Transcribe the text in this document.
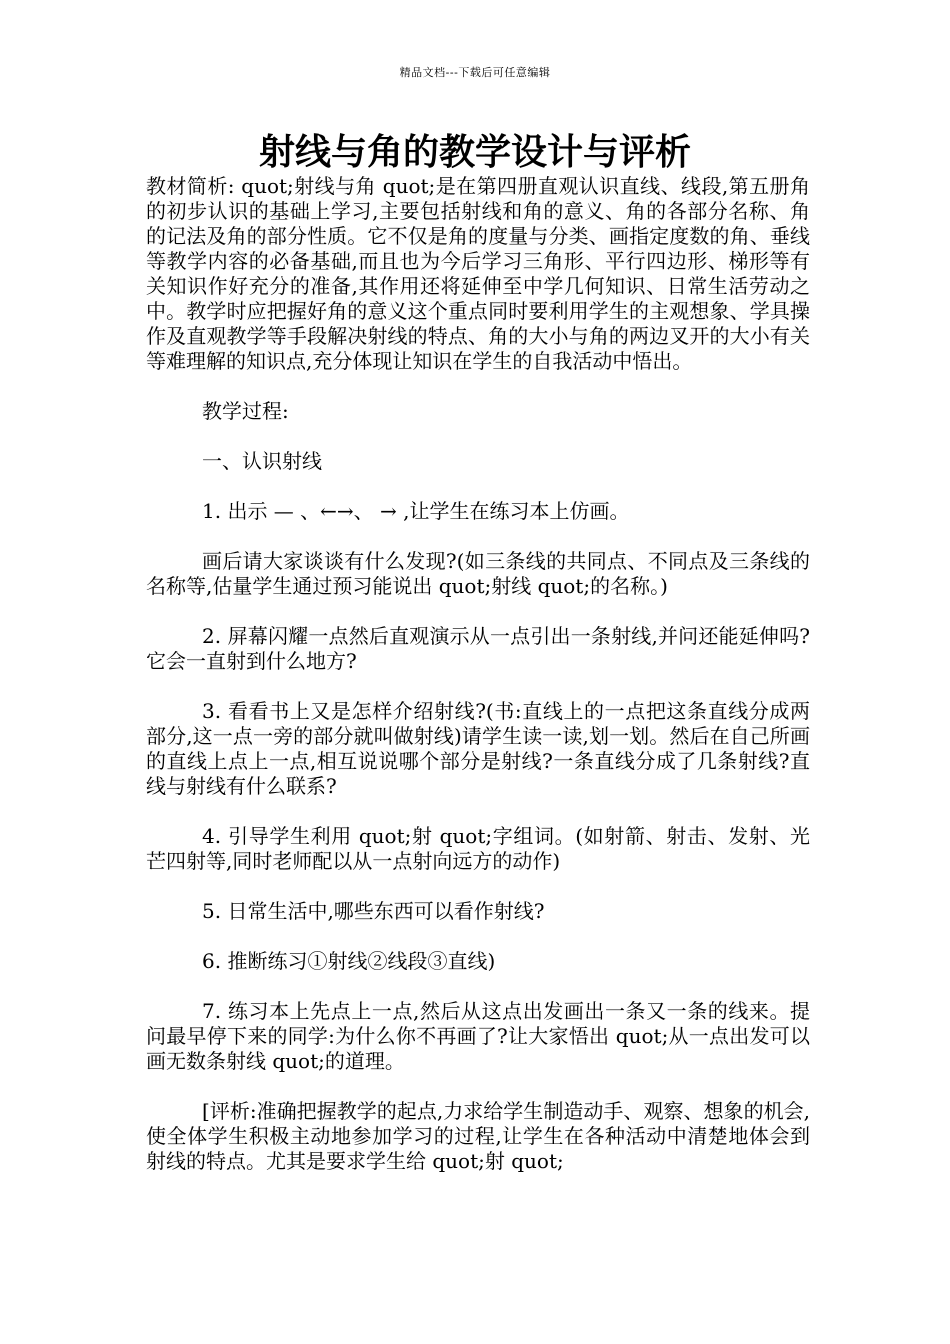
精品文档---下载后可任意编辑
射线与角的教学设计与评析

教材简析: quot;射线与角 quot;是在第四册直观认识直线、线段,第五册角的初步认识的基础上学习,主要包括射线和角的意义、角的各部分名称、角的记法及角的部分性质。它不仅是角的度量与分类、画指定度数的角、垂线等教学内容的必备基础,而且也为今后学习三角形、平行四边形、梯形等有关知识作好充分的准备,其作用还将延伸至中学几何知识、日常生活劳动之中。教学时应把握好角的意义这个重点同时要利用学生的主观想象、学具操作及直观教学等手段解决射线的特点、角的大小与角的两边叉开的大小有关等难理解的知识点,充分体现让知识在学生的自我活动中悟出。

教学过程:

一、认识射线

1. 出示 — 、←→、 → ,让学生在练习本上仿画。

画后请大家谈谈有什么发现?(如三条线的共同点、不同点及三条线的名称等,估量学生通过预习能说出 quot;射线 quot;的名称。)

2. 屏幕闪耀一点然后直观演示从一点引出一条射线,并问还能延伸吗?它会一直射到什么地方?

3. 看看书上又是怎样介绍射线?(书:直线上的一点把这条直线分成两部分,这一点一旁的部分就叫做射线)请学生读一读,划一划。然后在自己所画的直线上点上一点,相互说说哪个部分是射线?一条直线分成了几条射线?直线与射线有什么联系?

4. 引导学生利用 quot;射 quot;字组词。(如射箭、射击、发射、光芒四射等,同时老师配以从一点射向远方的动作)

5. 日常生活中,哪些东西可以看作射线?

6. 推断练习①射线②线段③直线)

7. 练习本上先点上一点,然后从这点出发画出一条又一条的线来。提问最早停下来的同学:为什么你不再画了?让大家悟出 quot;从一点出发可以画无数条射线 quot;的道理。

[评析:准确把握教学的起点,力求给学生制造动手、观察、想象的机会,使全体学生积极主动地参加学习的过程,让学生在各种活动中清楚地体会到射线的特点。尤其是要求学生给 quot;射 quot;
